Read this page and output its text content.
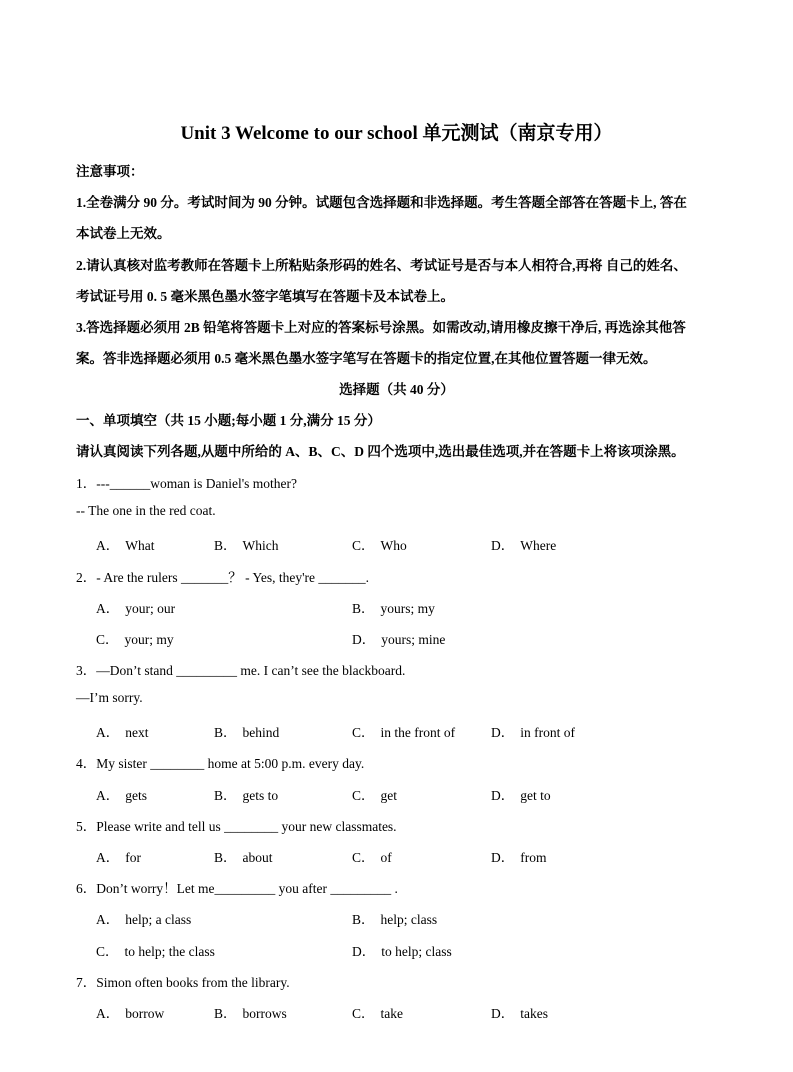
Unit 3 Welcome to our school 单元测试（南京专用）
注意事项：
1.全卷满分 90 分。考试时间为 90 分钟。试题包含选择题和非选择题。考生答题全部答在答题卡上, 答在
本试卷上无效。
2.请认真核对监考教师在答题卡上所粘贴条形码的姓名、考试证号是否与本人相符合,再将 自己的姓名、
考试证号用 0. 5 毫米黑色墨水签字笔填写在答题卡及本试卷上。
3.答选择题必须用 2B 铅笔将答题卡上对应的答案标号涂黑。如需改动,请用橡皮擦干净后, 再选涂其他答
案。答非选择题必须用 0.5 毫米黑色墨水签字笔写在答题卡的指定位置,在其他位置答题一律无效。
选择题（共 40 分）
一、单项填空（共 15 小题;每小题 1 分,满分 15 分）
请认真阅读下列各题,从题中所给的 A、B、C、D 四个选项中,选出最佳选项,并在答题卡上将该项涂黑。
1．---______woman is Daniel's mother?
-- The one in the red coat.
A． What	B． Which	C． Who	D． Where
2．- Are the rulers _______？ - Yes, they're _______.
A． your; our	B． yours; my
C． your; my	D． yours; mine
3．—Don’t stand _________ me. I can’t see the blackboard.
—I’m sorry.
A． next	B． behind	C． in the front of	D． in front of
4．My sister ________ home at 5:00 p.m. every day.
A． gets	B． gets to	C． get	D． get to
5．Please write and tell us ________ your new classmates.
A． for	B． about	C． of	D． from
6．Don’t worry！Let me_________ you after _________ .
A． help; a class	B． help; class
C． to help; the class	D． to help; class
7．Simon often books from the library.
A． borrow	B． borrows	C． take	D． takes
